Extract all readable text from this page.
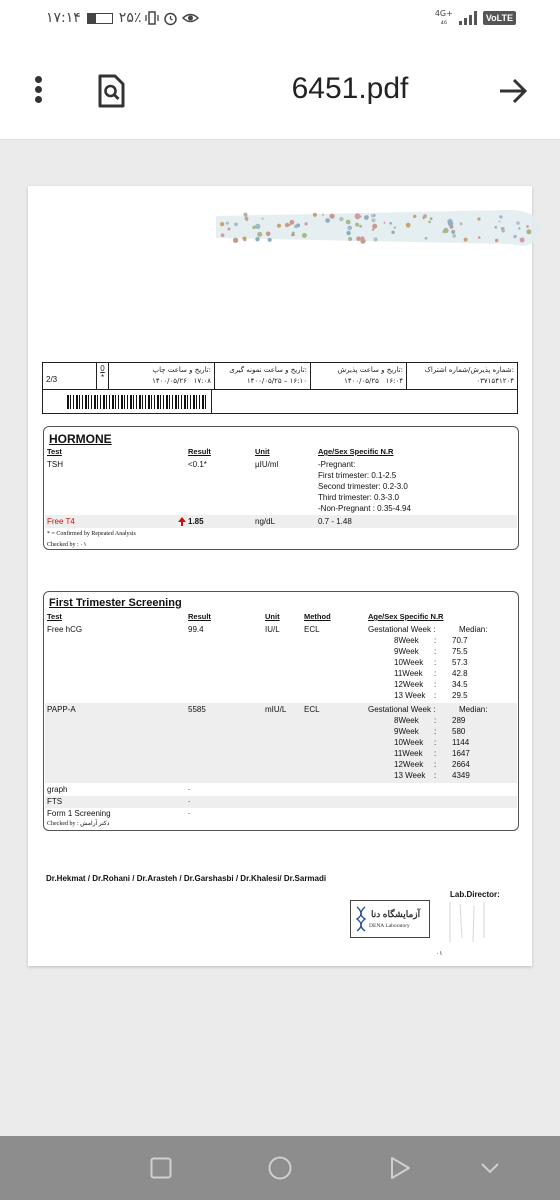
۱۷:۱۴	۲۵٪	4G+
₄₆	VoLTE
6451.pdf
2/3
0
*
تاریخ و ساعت چاپ:
۱۴۰۰/۰۵/۲۶ ۱۷:۰۸
تاریخ و ساعت نمونه گیری:
۱۴۰۰/۰۵/۲۵ – ۱۶:۱۰
تاریخ و ساعت پذیرش:
۱۴۰۰/۰۵/۲۵ ۱۶:۰۴
شماره پذیرش/شماره اشتراک:
۰۳۷۱۵۴۱۲۰۴
HORMONE
Test	Result	Unit	Age/Sex Specific N.R
TSH	<0.1*	µIU/ml	-Pregnant:
First trimester: 0.1-2.5
Second trimester: 0.2-3.0
Third trimester: 0.3-3.0
-Non-Pregnant : 0.35-4.94
Free T4	1.85	ng/dL	0.7 - 1.48
* = Confirmed by Repeated Analysis
Checked by : ۰۱
First Trimester Screening
Test	Result	Unit	Method	Age/Sex Specific N.R
Free hCG	99.4	IU/L	ECL	Gestational Week :	Median:
8Week : 70.7
9Week : 75.5
10Week : 57.3
11Week : 42.8
12Week : 34.5
13 Week : 29.5
PAPP-A	5585	mIU/L ECL	Gestational Week :	Median:
8Week : 289
9Week : 580
10Week : 1144
11Week : 1647
12Week : 2664
13 Week : 4349
graph	.
FTS	.
Form 1 Screening	.
Checked by : دکتر آرامش
Dr.Hekmat / Dr.Rohani / Dr.Arasteh / Dr.Garshasbi / Dr.Khalesi/ Dr.Sarmadi
Lab.Director:
آزمایشگاه دنا
DENA Laboratory
۰۱
